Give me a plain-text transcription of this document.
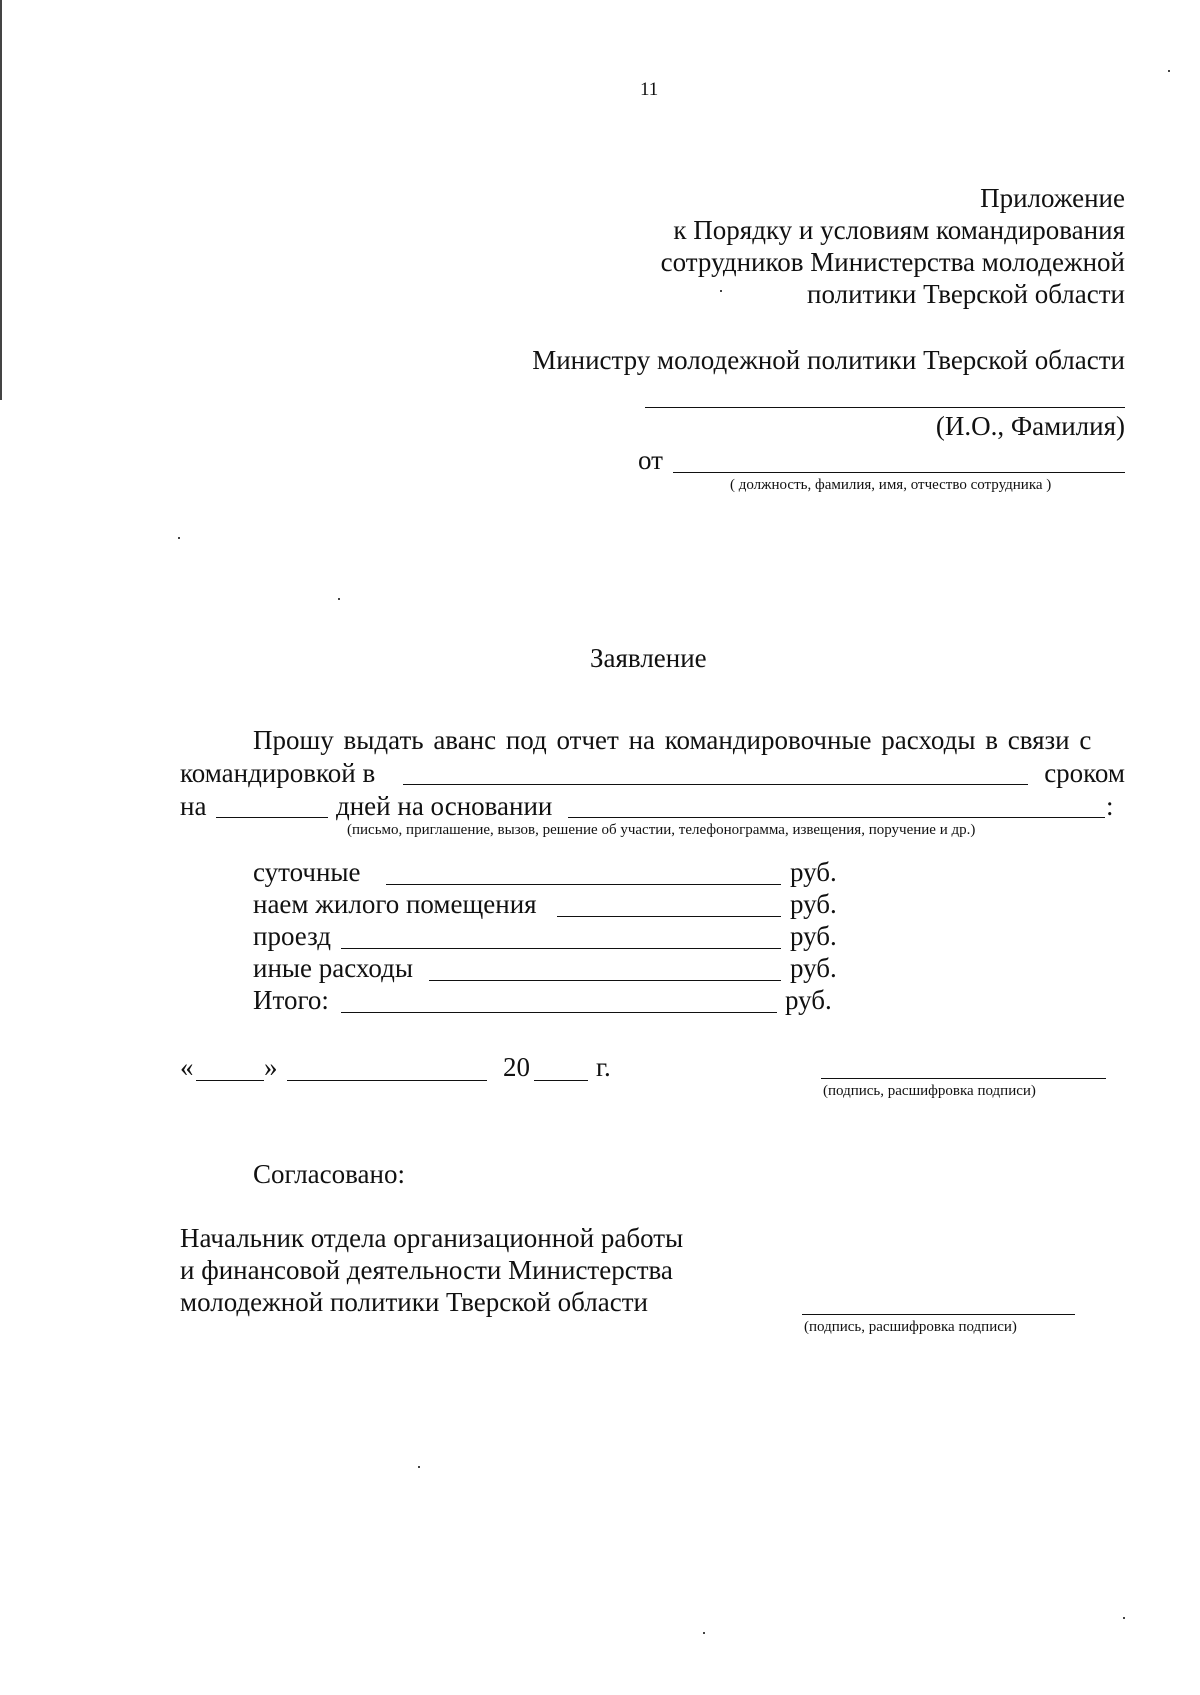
11
Приложение
к Порядку и условиям командирования
сотрудников Министерства молодежной
политики Тверской области
Министру молодежной политики Тверской области
(И.О., Фамилия)
от
( должность, фамилия, имя, отчество сотрудника )
Заявление
Прошу выдать аванс под отчет на командировочные расходы в связи с
командировкой в	сроком
на	дней на основании	:
(письмо, приглашение, вызов, решение об участии, телефонограмма, извещения, поручение и др.)
суточные	руб.
наем жилого помещения	руб.
проезд	руб.
иные расходы	руб.
Итого:	руб.
«	»	20 г.
(подпись, расшифровка подписи)
Согласовано:
Начальник отдела организационной работы
и финансовой деятельности Министерства
молодежной политики Тверской области
(подпись, расшифровка подписи)
